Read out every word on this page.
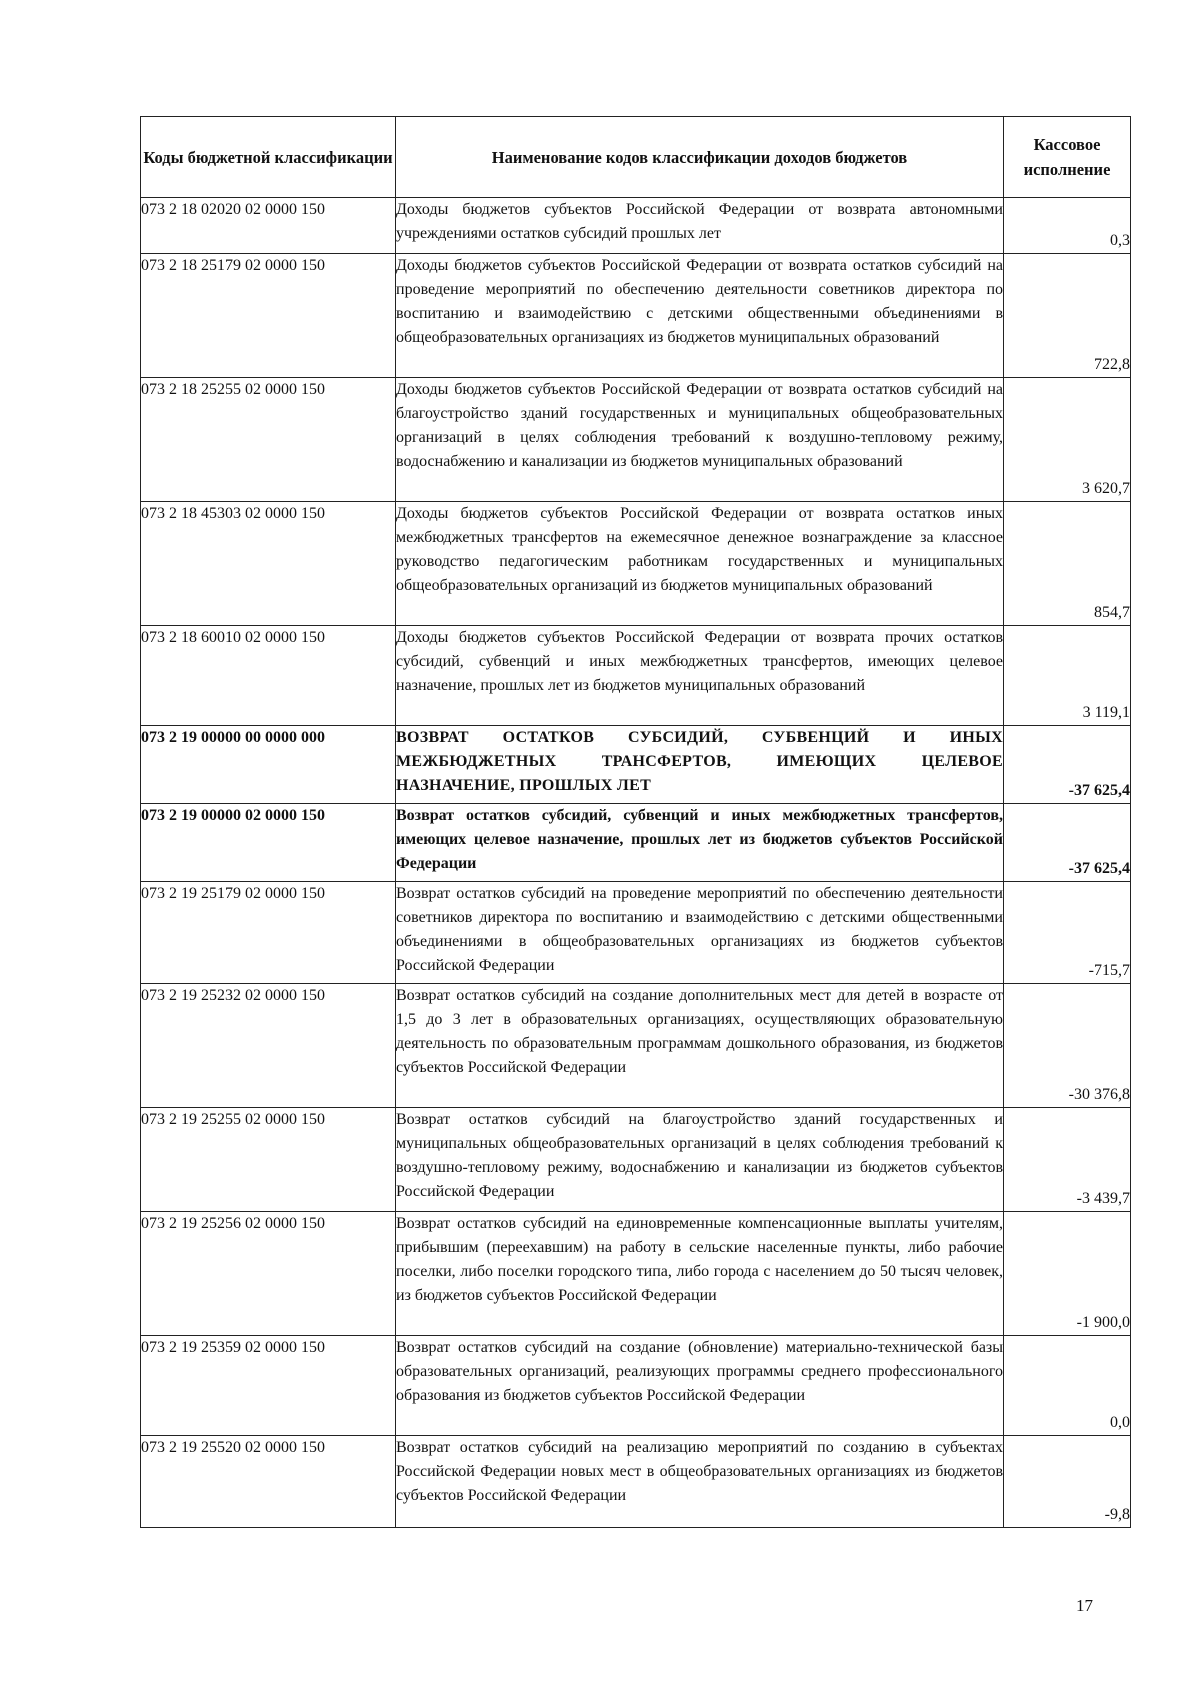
Коды бюджетной классификации	Наименование кодов классификации доходов бюджетов	Кассовое исполнение
073 2 18 02020 02 0000 150	Доходы бюджетов субъектов Российской Федерации от возврата автономными учреждениями остатков субсидий прошлых лет	0,3
073 2 18 25179 02 0000 150	Доходы бюджетов субъектов Российской Федерации от возврата остатков субсидий на проведение мероприятий по обеспечению деятельности советников директора по воспитанию и взаимодействию с детскими общественными объединениями в общеобразовательных организациях из бюджетов муниципальных образований	722,8
073 2 18 25255 02 0000 150	Доходы бюджетов субъектов Российской Федерации от возврата остатков субсидий на благоустройство зданий государственных и муниципальных общеобразовательных организаций в целях соблюдения требований к воздушно-тепловому режиму, водоснабжению и канализации из бюджетов муниципальных образований	3 620,7
073 2 18 45303 02 0000 150	Доходы бюджетов субъектов Российской Федерации от возврата остатков иных межбюджетных трансфертов на ежемесячное денежное вознаграждение за классное руководство педагогическим работникам государственных и муниципальных общеобразовательных организаций из бюджетов муниципальных образований	854,7
073 2 18 60010 02 0000 150	Доходы бюджетов субъектов Российской Федерации от возврата прочих остатков субсидий, субвенций и иных межбюджетных трансфертов, имеющих целевое назначение, прошлых лет из бюджетов муниципальных образований	3 119,1
073 2 19 00000 00 0000 000	ВОЗВРАТ ОСТАТКОВ СУБСИДИЙ, СУБВЕНЦИЙ И ИНЫХ МЕЖБЮДЖЕТНЫХ ТРАНСФЕРТОВ, ИМЕЮЩИХ ЦЕЛЕВОЕ НАЗНАЧЕНИЕ, ПРОШЛЫХ ЛЕТ	-37 625,4
073 2 19 00000 02 0000 150	Возврат остатков субсидий, субвенций и иных межбюджетных трансфертов, имеющих целевое назначение, прошлых лет из бюджетов субъектов Российской Федерации	-37 625,4
073 2 19 25179 02 0000 150	Возврат остатков субсидий на проведение мероприятий по обеспечению деятельности советников директора по воспитанию и взаимодействию с детскими общественными объединениями в общеобразовательных организациях из бюджетов субъектов Российской Федерации	-715,7
073 2 19 25232 02 0000 150	Возврат остатков субсидий на создание дополнительных мест для детей в возрасте от 1,5 до 3 лет в образовательных организациях, осуществляющих образовательную деятельность по образовательным программам дошкольного образования, из бюджетов субъектов Российской Федерации	-30 376,8
073 2 19 25255 02 0000 150	Возврат остатков субсидий на благоустройство зданий государственных и муниципальных общеобразовательных организаций в целях соблюдения требований к воздушно-тепловому режиму, водоснабжению и канализации из бюджетов субъектов Российской Федерации	-3 439,7
073 2 19 25256 02 0000 150	Возврат остатков субсидий на единовременные компенсационные выплаты учителям, прибывшим (переехавшим) на работу в сельские населенные пункты, либо рабочие поселки, либо поселки городского типа, либо города с населением до 50 тысяч человек, из бюджетов субъектов Российской Федерации	-1 900,0
073 2 19 25359 02 0000 150	Возврат остатков субсидий на создание (обновление) материально-технической базы образовательных организаций, реализующих программы среднего профессионального образования из бюджетов субъектов Российской Федерации	0,0
073 2 19 25520 02 0000 150	Возврат остатков субсидий на реализацию мероприятий по созданию в субъектах Российской Федерации новых мест в общеобразовательных организациях из бюджетов субъектов Российской Федерации	-9,8
17
